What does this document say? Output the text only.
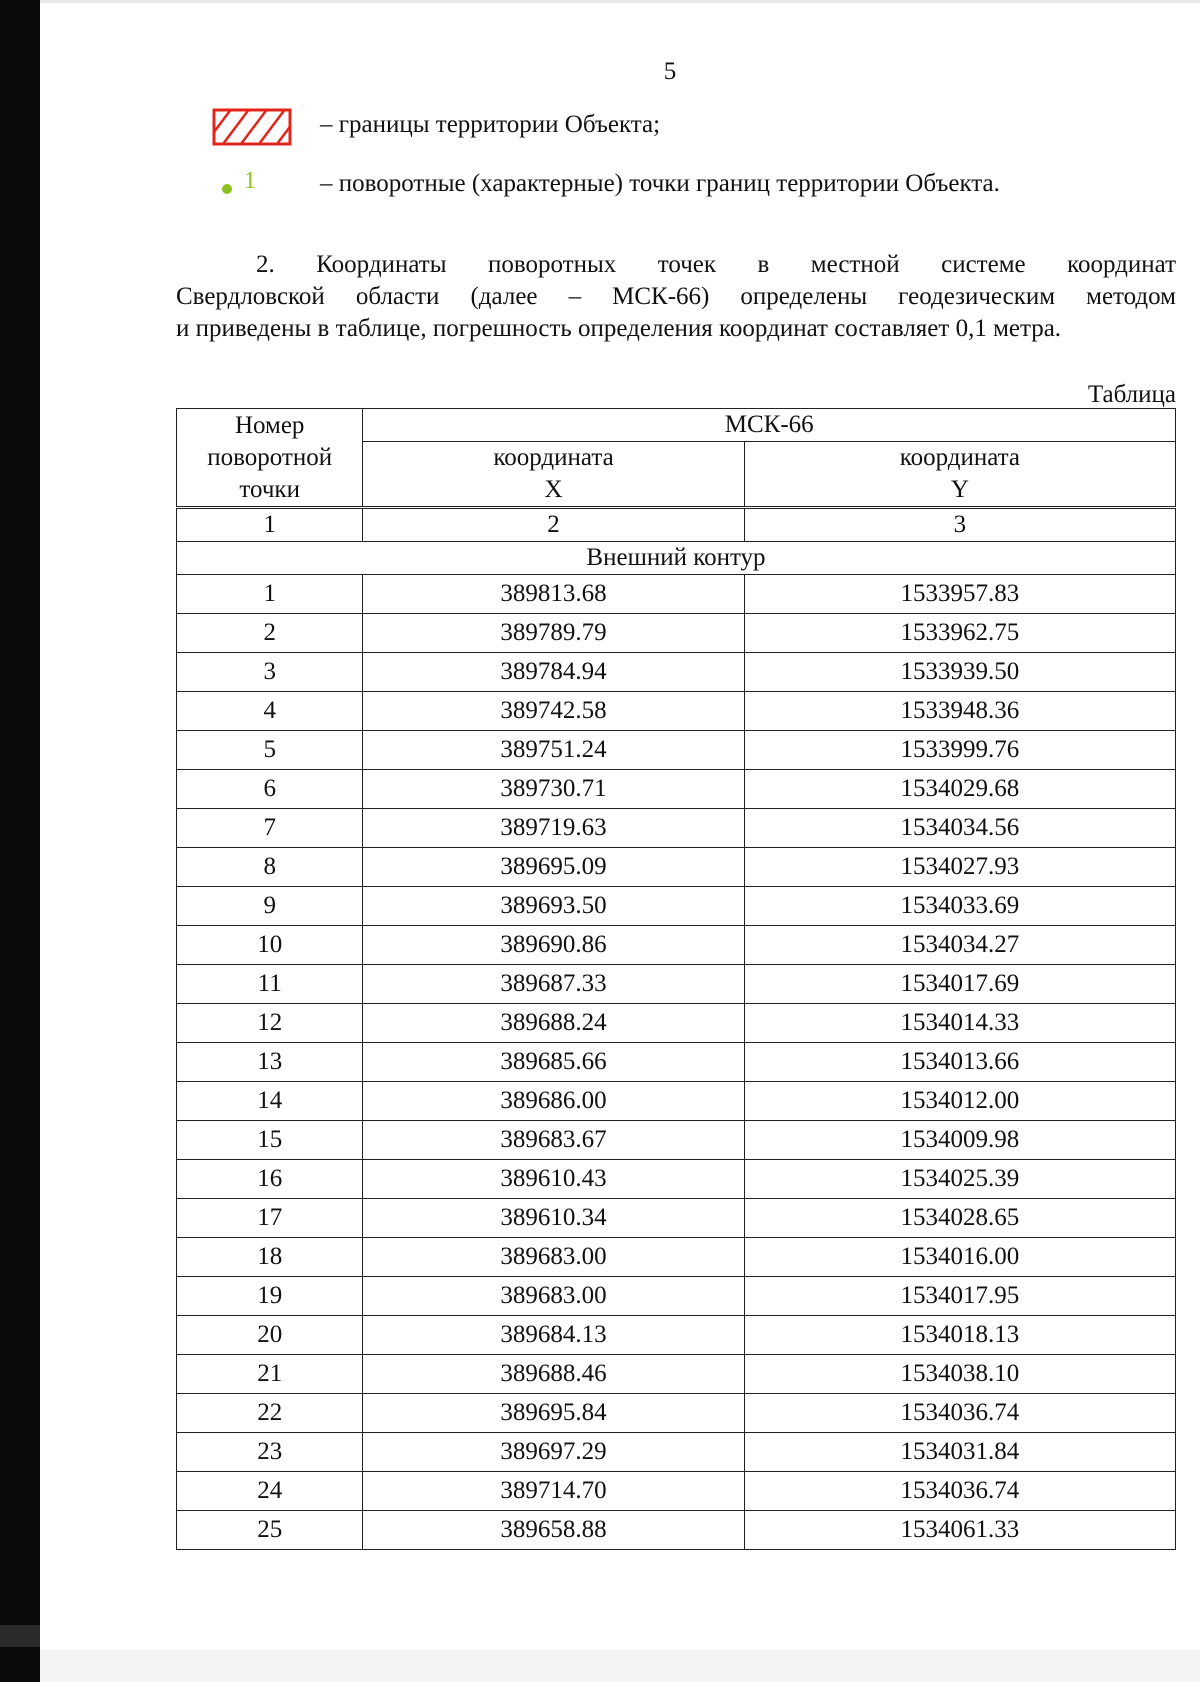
5
– границы территории Объекта;
1	– поворотные (характерные) точки границ территории Объекта.
2. Координаты поворотных точек в местной системе координат
Свердловской области (далее – МСК-66) определены геодезическим методом
и приведены в таблице, погрешность определения координат составляет 0,1 метра.
Таблица
Номер поворотной точки	МСК-66	
	координата X	координата Y
1	2	3
Внешний контур		
1	389813.68	1533957.83
2	389789.79	1533962.75
3	389784.94	1533939.50
4	389742.58	1533948.36
5	389751.24	1533999.76
6	389730.71	1534029.68
7	389719.63	1534034.56
8	389695.09	1534027.93
9	389693.50	1534033.69
10	389690.86	1534034.27
11	389687.33	1534017.69
12	389688.24	1534014.33
13	389685.66	1534013.66
14	389686.00	1534012.00
15	389683.67	1534009.98
16	389610.43	1534025.39
17	389610.34	1534028.65
18	389683.00	1534016.00
19	389683.00	1534017.95
20	389684.13	1534018.13
21	389688.46	1534038.10
22	389695.84	1534036.74
23	389697.29	1534031.84
24	389714.70	1534036.74
25	389658.88	1534061.33
